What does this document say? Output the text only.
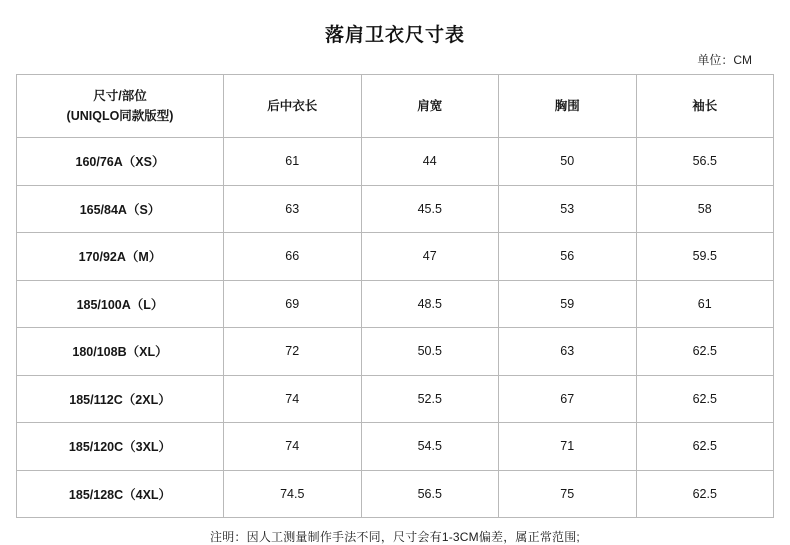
落肩卫衣尺寸表
单位：CM
尺寸/部位
(UNIQLO同款版型)	后中衣长	肩宽	胸围	袖长
160/76A（XS）	61	44	50	56.5
165/84A（S）	63	45.5	53	58
170/92A（M）	66	47	56	59.5
185/100A（L）	69	48.5	59	61
180/108B（XL）	72	50.5	63	62.5
185/112C（2XL）	74	52.5	67	62.5
185/120C（3XL）	74	54.5	71	62.5
185/128C（4XL）	74.5	56.5	75	62.5
注明：因人工测量制作手法不同，尺寸会有1-3CM偏差，属正常范围;
